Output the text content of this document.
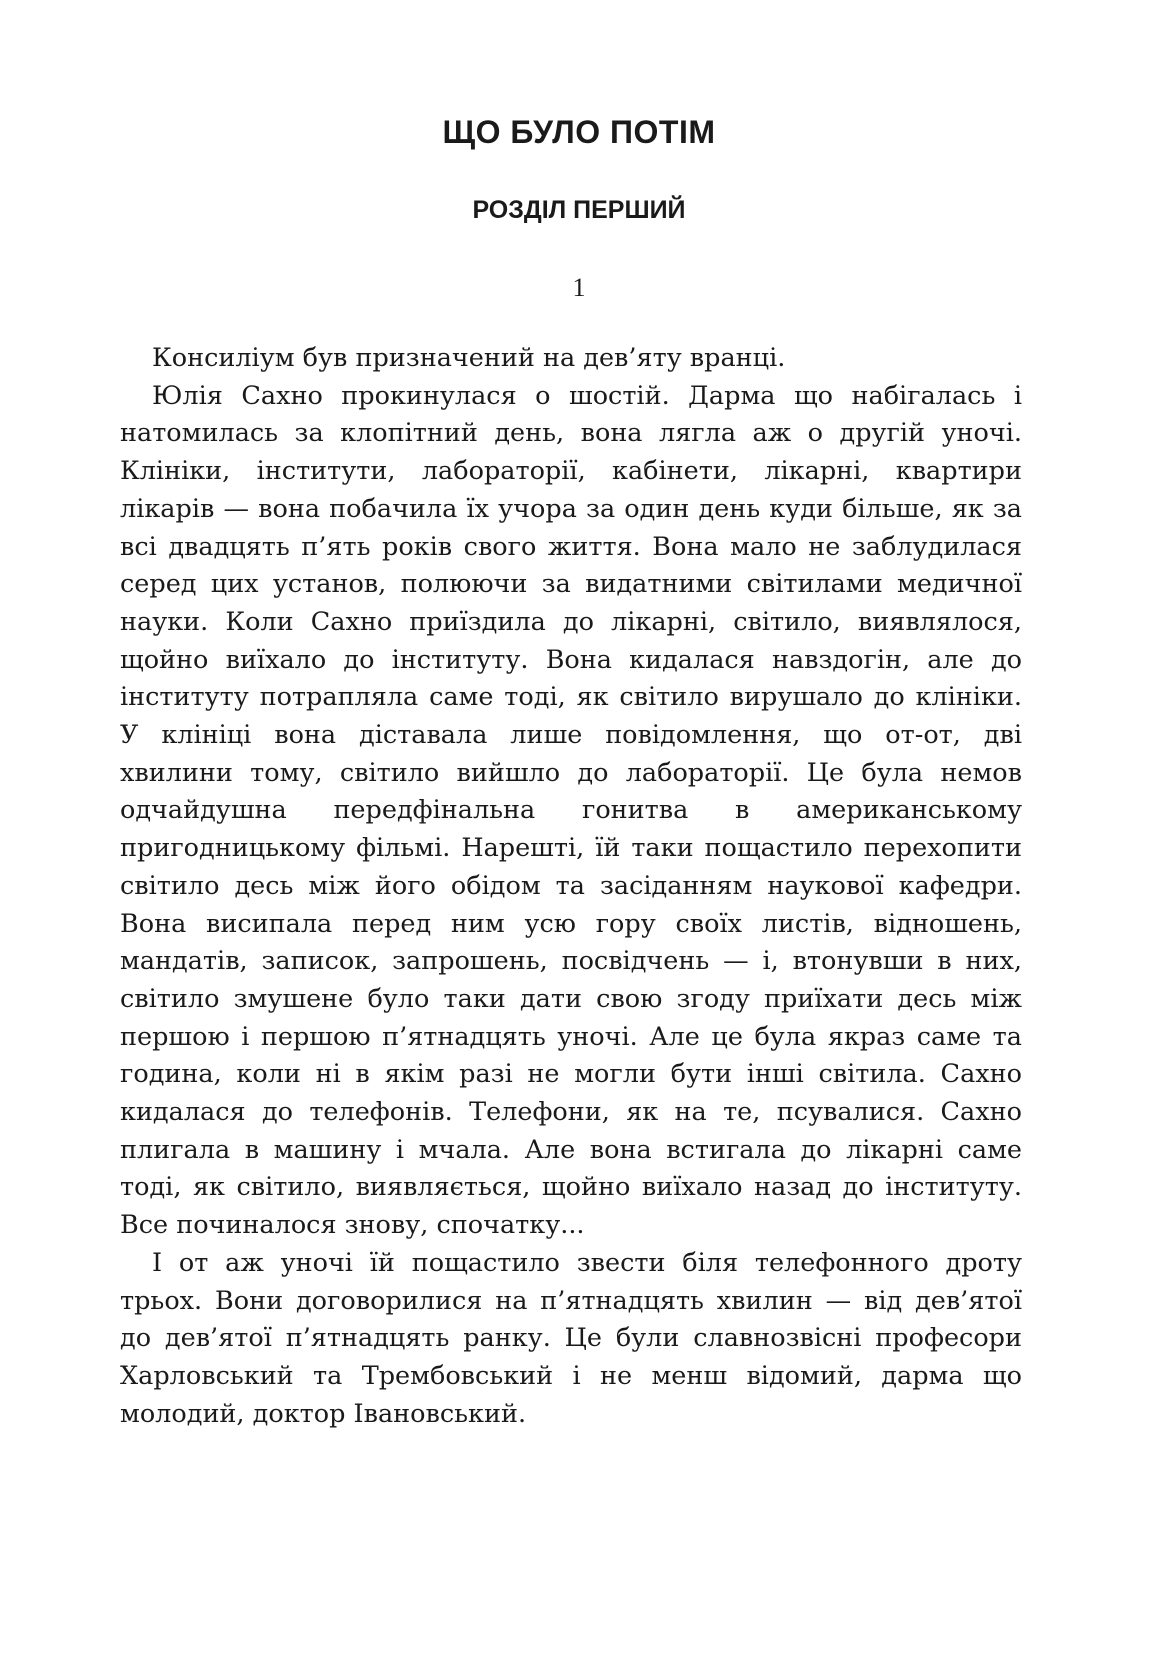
ЩО БУЛО ПОТІМ
РОЗДІЛ ПЕРШИЙ
1

Консиліум був призначений на дев’яту вранці.

Юлія Сахно прокинулася о шостій. Дарма що набігалась і натомилась за клопітний день, вона лягла аж о другій уночі. Клініки, інститути, лабораторії, кабінети, лікарні, квартири лікарів — вона побачила їх учора за один день куди більше, як за всі двадцять п’ять років свого життя. Вона мало не заблудилася серед цих установ, полюючи за видатними світилами медичної науки. Коли Сахно приїздила до лікарні, світило, виявлялося, щойно виїхало до інституту. Вона кидалася навздогін, але до інституту потрапляла саме тоді, як світило вирушало до клініки. У клініці вона діставала лише повідомлення, що от-от, дві хвилини тому, світило вийшло до лабораторії. Це була немов одчайдушна передфінальна гонитва в американському пригодницькому фільмі. Нарешті, їй таки пощастило перехопити світило десь між його обідом та засіданням наукової кафедри. Вона висипала перед ним усю гору своїх листів, відношень, мандатів, записок, запрошень, посвідчень — і, втонувши в них, світило змушене було таки дати свою згоду приїхати десь між першою і першою п’ятнадцять уночі. Але це була якраз саме та година, коли ні в якім разі не могли бути інші світила. Сахно кидалася до телефонів. Телефони, як на те, псувалися. Сахно плигала в машину і мчала. Але вона встигала до лікарні саме тоді, як світило, виявляється, щойно виїхало назад до інституту. Все починалося знову, спочатку...

І от аж уночі їй пощастило звести біля телефонного дроту трьох. Вони договорилися на п’ятнадцять хвилин — від дев’ятої до дев’ятої п’ятнадцять ранку. Це були славнозвісні професори Харловський та Трембовський і не менш відомий, дарма що молодий, доктор Івановський.
